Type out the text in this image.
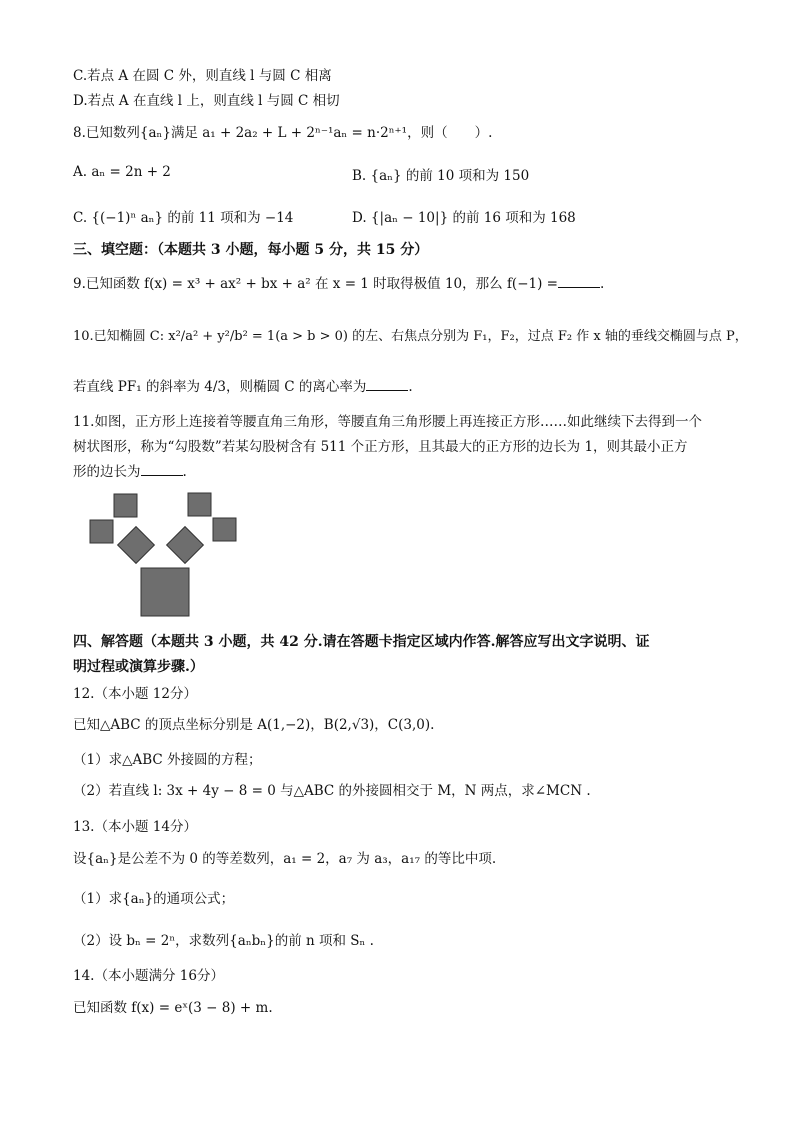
C.若点 A 在圆 C 外，则直线 l 与圆 C 相离
D.若点 A 在直线 l 上，则直线 l 与圆 C 相切
8.已知数列{aₙ}满足 a₁ + 2a₂ + L + 2ⁿ⁻¹aₙ = n·2ⁿ⁺¹，则（　　）.
A. aₙ = 2n + 2	B. {aₙ} 的前 10 项和为 150
C. {(−1)ⁿ aₙ} 的前 11 项和为 −14	D. {|aₙ − 10|} 的前 16 项和为 168
三、填空题：（本题共 3 小题，每小题 5 分，共 15 分）
9.已知函数 f(x) = x³ + ax² + bx + a² 在 x = 1 时取得极值 10，那么 f(−1) =	.
10.已知椭圆 C: x²/a² + y²/b² = 1(a > b > 0) 的左、右焦点分别为 F₁，F₂，过点 F₂ 作 x 轴的垂线交椭圆与点 P，
若直线 PF₁ 的斜率为 4/3，则椭圆 C 的离心率为	.
11.如图，正方形上连接着等腰直角三角形，等腰直角三角形腰上再连接正方形……如此继续下去得到一个
树状图形，称为“勾股数”若某勾股树含有 511 个正方形，且其最大的正方形的边长为 1，则其最小正方
形的边长为	.
四、解答题（本题共 3 小题，共 42 分.请在答题卡指定区域内作答.解答应写出文字说明、证
明过程或演算步骤.）
12.（本小题 12分）
已知△ABC 的顶点坐标分别是 A(1,−2)，B(2,√3)，C(3,0).
（1）求△ABC 外接圆的方程；
（2）若直线 l: 3x + 4y − 8 = 0 与△ABC 的外接圆相交于 M，N 两点，求∠MCN .
13.（本小题 14分）
设{aₙ}是公差不为 0 的等差数列，a₁ = 2，a₇ 为 a₃，a₁₇ 的等比中项.
（1）求{aₙ}的通项公式；
（2）设 bₙ = 2ⁿ，求数列{aₙbₙ}的前 n 项和 Sₙ .
14.（本小题满分 16分）
已知函数 f(x) = eˣ(3 − 8) + m.
